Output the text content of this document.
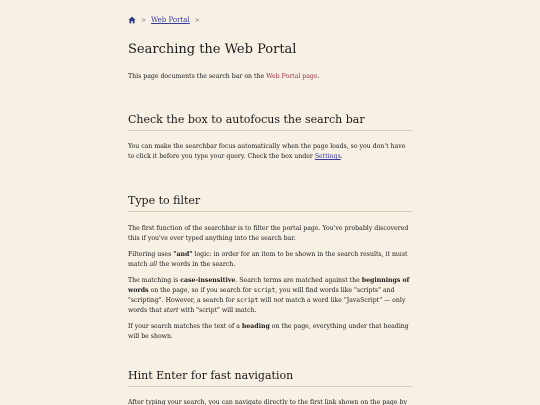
> Web Portal >
Searching the Web Portal

This page documents the search bar on the Web Portal page.

Check the box to autofocus the search bar

You can make the searchbar focus automatically when the page loads, so you don't have to click it before you type your query. Check the box under Settings.

Type to filter

The first function of the searchbar is to filter the portal page. You've probably discovered this if you've ever typed anything into the search bar.

Filtering uses "and" logic: in order for an item to be shown in the search results, it must match all the words in the search.

The matching is case-insensitive. Search terms are matched against the beginnings of words on the page, so if you search for script, you will find words like "scripts" and "scripting". However, a search for script will not match a word like "JavaScript" — only words that start with "script" will match.

If your search matches the text of a heading on the page, everything under that heading will be shown.

Hint Enter for fast navigation

After typing your search, you can navigate directly to the first link shown on the page by
